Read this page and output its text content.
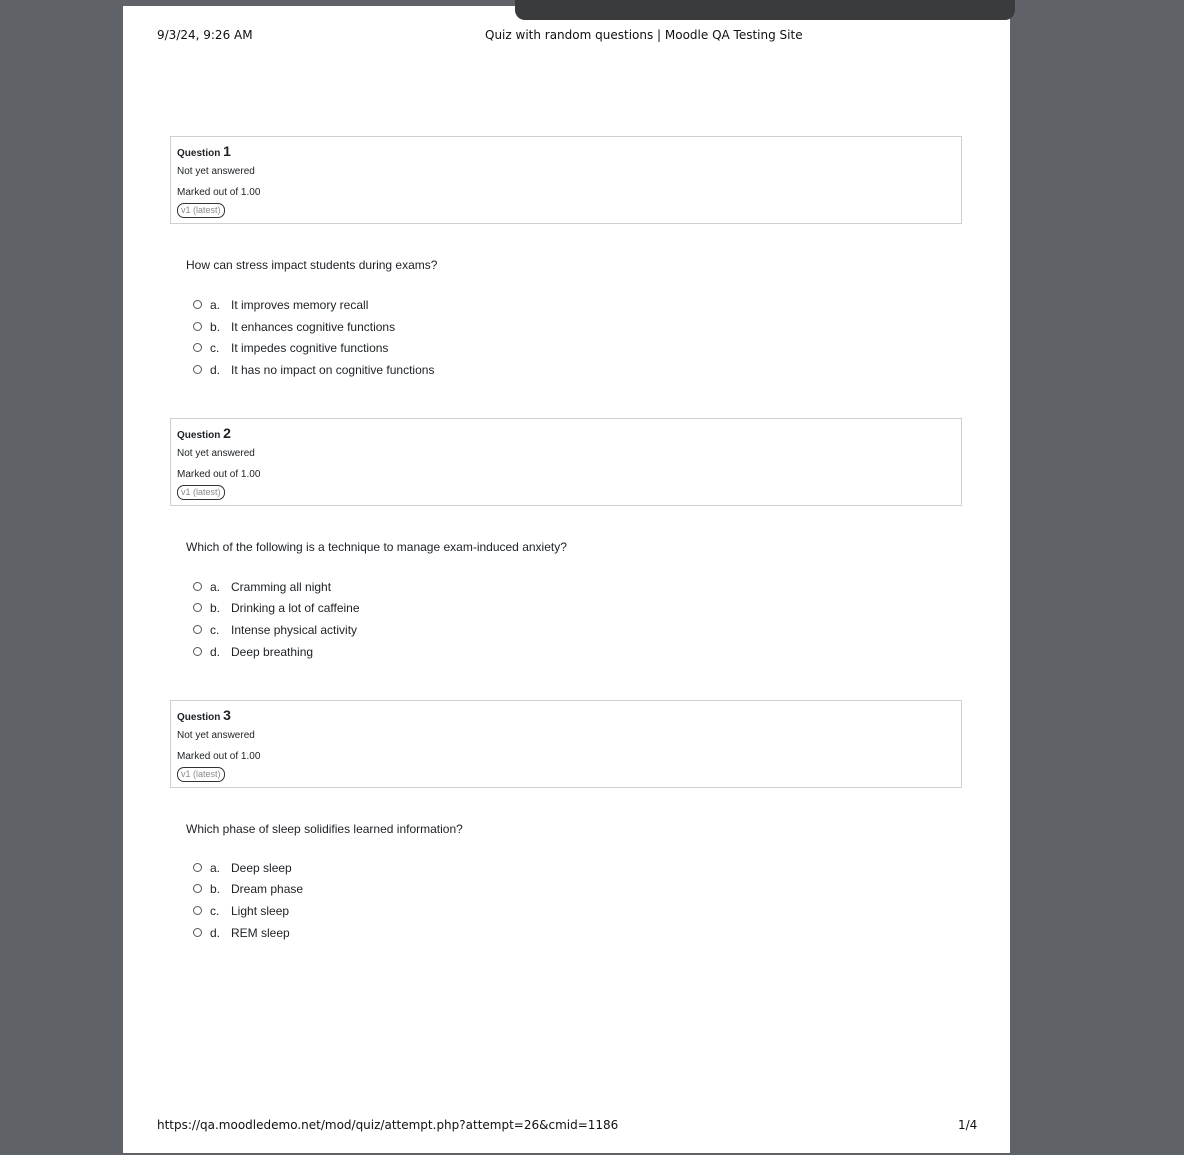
9/3/24, 9:26 AM	Quiz with random questions | Moodle QA Testing Site
Question 1
Not yet answered
Marked out of 1.00
v1 (latest)
How can stress impact students during exams?
a. It improves memory recall
b. It enhances cognitive functions
c. It impedes cognitive functions
d. It has no impact on cognitive functions
Question 2
Not yet answered
Marked out of 1.00
v1 (latest)
Which of the following is a technique to manage exam-induced anxiety?
a. Cramming all night
b. Drinking a lot of caffeine
c. Intense physical activity
d. Deep breathing
Question 3
Not yet answered
Marked out of 1.00
v1 (latest)
Which phase of sleep solidifies learned information?
a. Deep sleep
b. Dream phase
c. Light sleep
d. REM sleep
https://qa.moodledemo.net/mod/quiz/attempt.php?attempt=26&cmid=1186	1/4
